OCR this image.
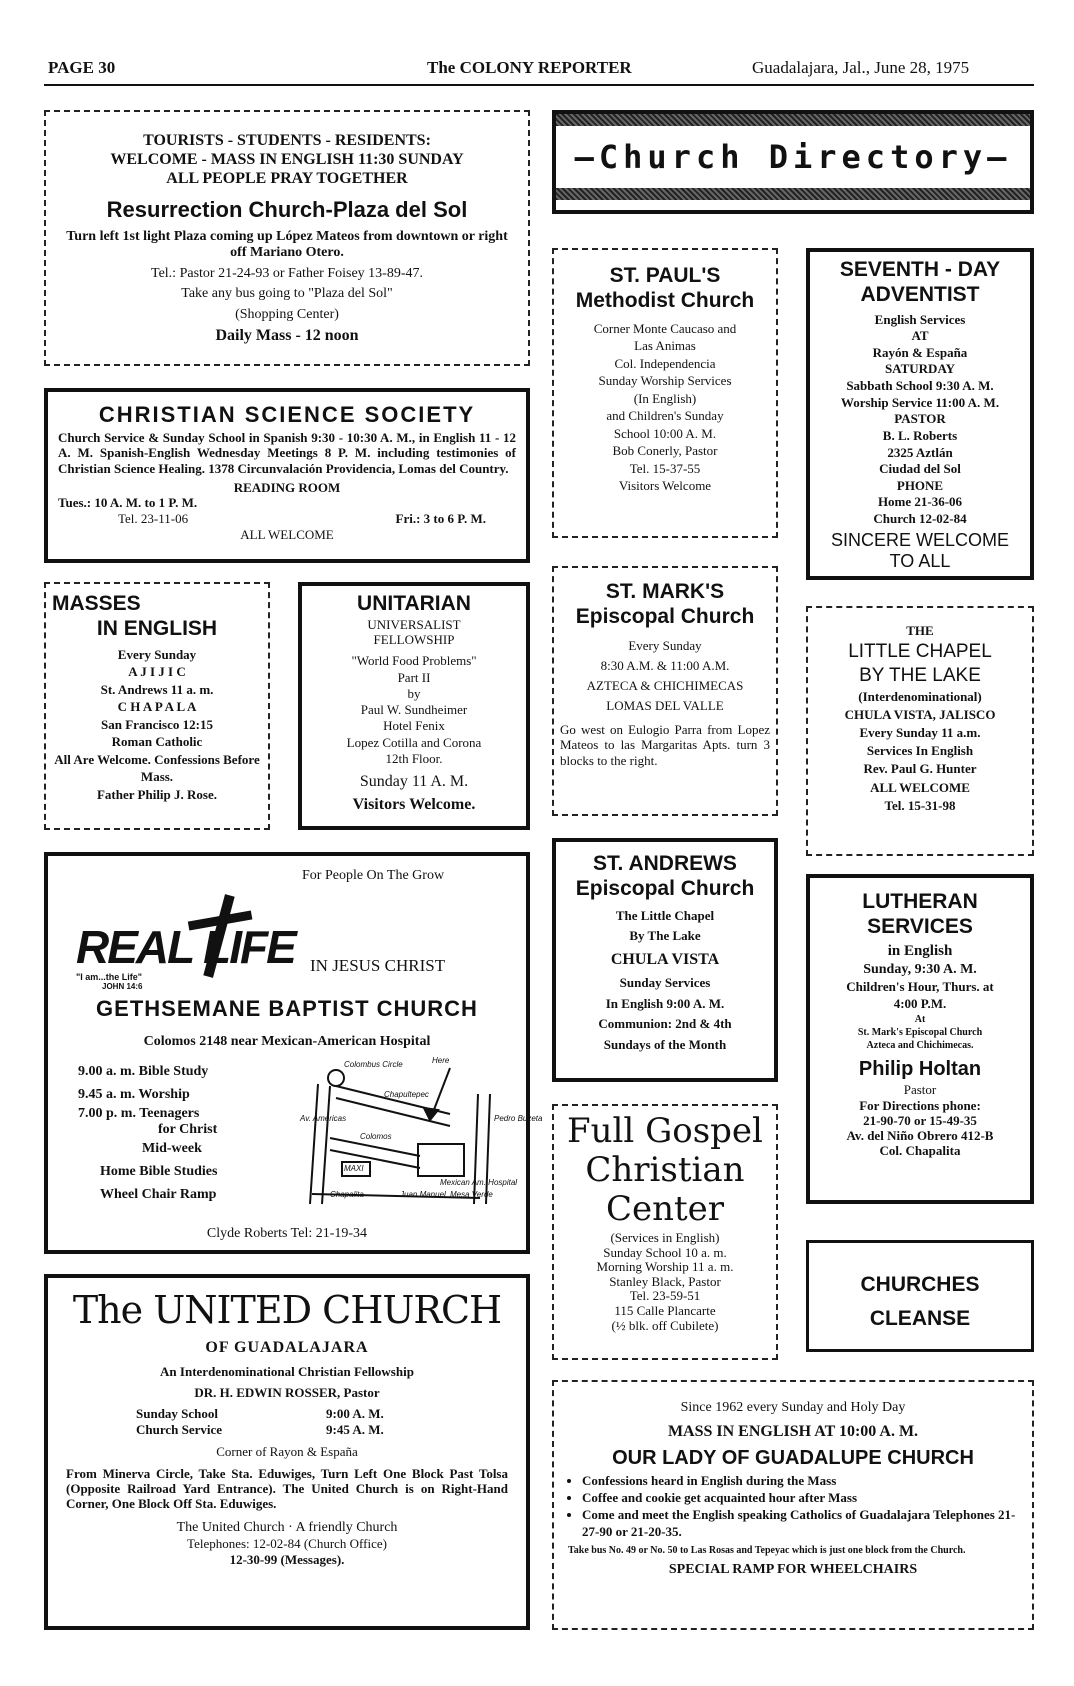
PAGE 30	The COLONY REPORTER	Guadalajara, Jal., June 28, 1975

TOURISTS - STUDENTS - RESIDENTS:

WELCOME - MASS IN ENGLISH 11:30 SUNDAY

ALL PEOPLE PRAY TOGETHER

Resurrection Church-Plaza del Sol

Turn left 1st light Plaza coming up López Mateos from downtown or right off Mariano Otero.

Tel.: Pastor 21-24-93 or Father Foisey 13-89-47.

Take any bus going to "Plaza del Sol"

(Shopping Center)

Daily Mass - 12 noon

—Church Directory—

CHRISTIAN SCIENCE SOCIETY

Church Service & Sunday School in Spanish 9:30 - 10:30 A. M., in English 11 - 12 A. M. Spanish-English Wednesday Meetings 8 P. M. including testimonies of Christian Science Healing. 1378 Circunvalación Providencia, Lomas del Country.

READING ROOM

Tues.: 10 A. M. to 1 P. M.

Tel. 23-11-06	Fri.: 3 to 6 P. M.

ALL WELCOME

ST. PAUL'S

Methodist Church

Corner Monte Caucaso and
Las Animas
Col. Independencia
Sunday Worship Services
(In English)
and Children's Sunday
School 10:00 A. M.
Bob Conerly, Pastor
Tel. 15-37-55
Visitors Welcome

SEVENTH - DAY

ADVENTIST

English Services
AT
Rayón & España
SATURDAY
Sabbath School 9:30 A. M.
Worship Service 11:00 A. M.
PASTOR
B. L. Roberts
2325 Aztlán
Ciudad del Sol
PHONE
Home 21-36-06
Church 12-02-84

SINCERE WELCOME

TO ALL

MASSES

IN ENGLISH

Every Sunday
A J I J I C
St. Andrews 11 a. m.
C H A P A L A
San Francisco 12:15
Roman Catholic
All Are Welcome. Confessions Before Mass.
Father Philip J. Rose.

UNITARIAN

UNIVERSALIST

FELLOWSHIP

"World Food Problems"
Part II
by
Paul W. Sundheimer
Hotel Fenix
Lopez Cotilla and Corona
12th Floor.

Sunday 11 A. M.

Visitors Welcome.

ST. MARK'S

Episcopal Church

Every Sunday
8:30 A.M. & 11:00 A.M.
AZTECA & CHICHIMECAS
LOMAS DEL VALLE

Go west on Eulogio Parra from Lopez Mateos to las Margaritas Apts. turn 3 blocks to the right.

THE
LITTLE CHAPEL
BY THE LAKE
(Interdenominational)
CHULA VISTA, JALISCO
Every Sunday 11 a.m.
Services In English
Rev. Paul G. Hunter
ALL WELCOME
Tel. 15-31-98

For People On The Grow

REAL LIFE
"I am...the Life"
JOHN 14:6

IN JESUS CHRIST

GETHSEMANE BAPTIST CHURCH

Colomos 2148 near Mexican-American Hospital

9.00 a. m. Bible Study
9.45 a. m. Worship
7.00 p. m. Teenagers
for Christ
Mid-week
Home Bible Studies
Wheel Chair Ramp
Colombus Circle
Chapultepec
Colomos
Here
Av. Americas	Pedro Buzeta
Mexican Am. Hospital
MAXI
Juan Manuel
Chapalita	Mesa Verde

Clyde Roberts Tel: 21-19-34

ST. ANDREWS

Episcopal Church

The Little Chapel
By The Lake
CHULA VISTA
Sunday Services
In English 9:00 A. M.
Communion: 2nd & 4th
Sundays of the Month

LUTHERAN

SERVICES

in English
Sunday, 9:30 A. M.
Children's Hour, Thurs. at
4:00 P.M.
At
St. Mark's Episcopal Church
Azteca and Chichimecas.

Philip Holtan

Pastor

For Directions phone:
21-90-70 or 15-49-35
Av. del Niño Obrero 412-B
Col. Chapalita

Full Gospel

Christian

Center

(Services in English)
Sunday School 10 a. m.
Morning Worship 11 a. m.
Stanley Black, Pastor
Tel. 23-59-51
115 Calle Plancarte
(½ blk. off Cubilete)

CHURCHES

CLEANSE

The UNITED CHURCH

OF GUADALAJARA

An Interdenominational Christian Fellowship

DR. H. EDWIN ROSSER, Pastor

Sunday School	9:00 A. M.
Church Service	9:45 A. M.

Corner of Rayon & España

From Minerva Circle, Take Sta. Eduwiges, Turn Left One Block Past Tolsa (Opposite Railroad Yard Entrance). The United Church is on Right-Hand Corner, One Block Off Sta. Eduwiges.

The United Church · A friendly Church

Telephones: 12-02-84 (Church Office)

12-30-99 (Messages).

Since 1962 every Sunday and Holy Day

MASS IN ENGLISH AT 10:00 A. M.

OUR LADY OF GUADALUPE CHURCH

• Confessions heard in English during the Mass
• Coffee and cookie get acquainted hour after Mass
• Come and meet the English speaking Catholics of Guadalajara Telephones 21-27-90 or 21-20-35.

Take bus No. 49 or No. 50 to Las Rosas and Tepeyac which is just one block from the Church.

SPECIAL RAMP FOR WHEELCHAIRS
